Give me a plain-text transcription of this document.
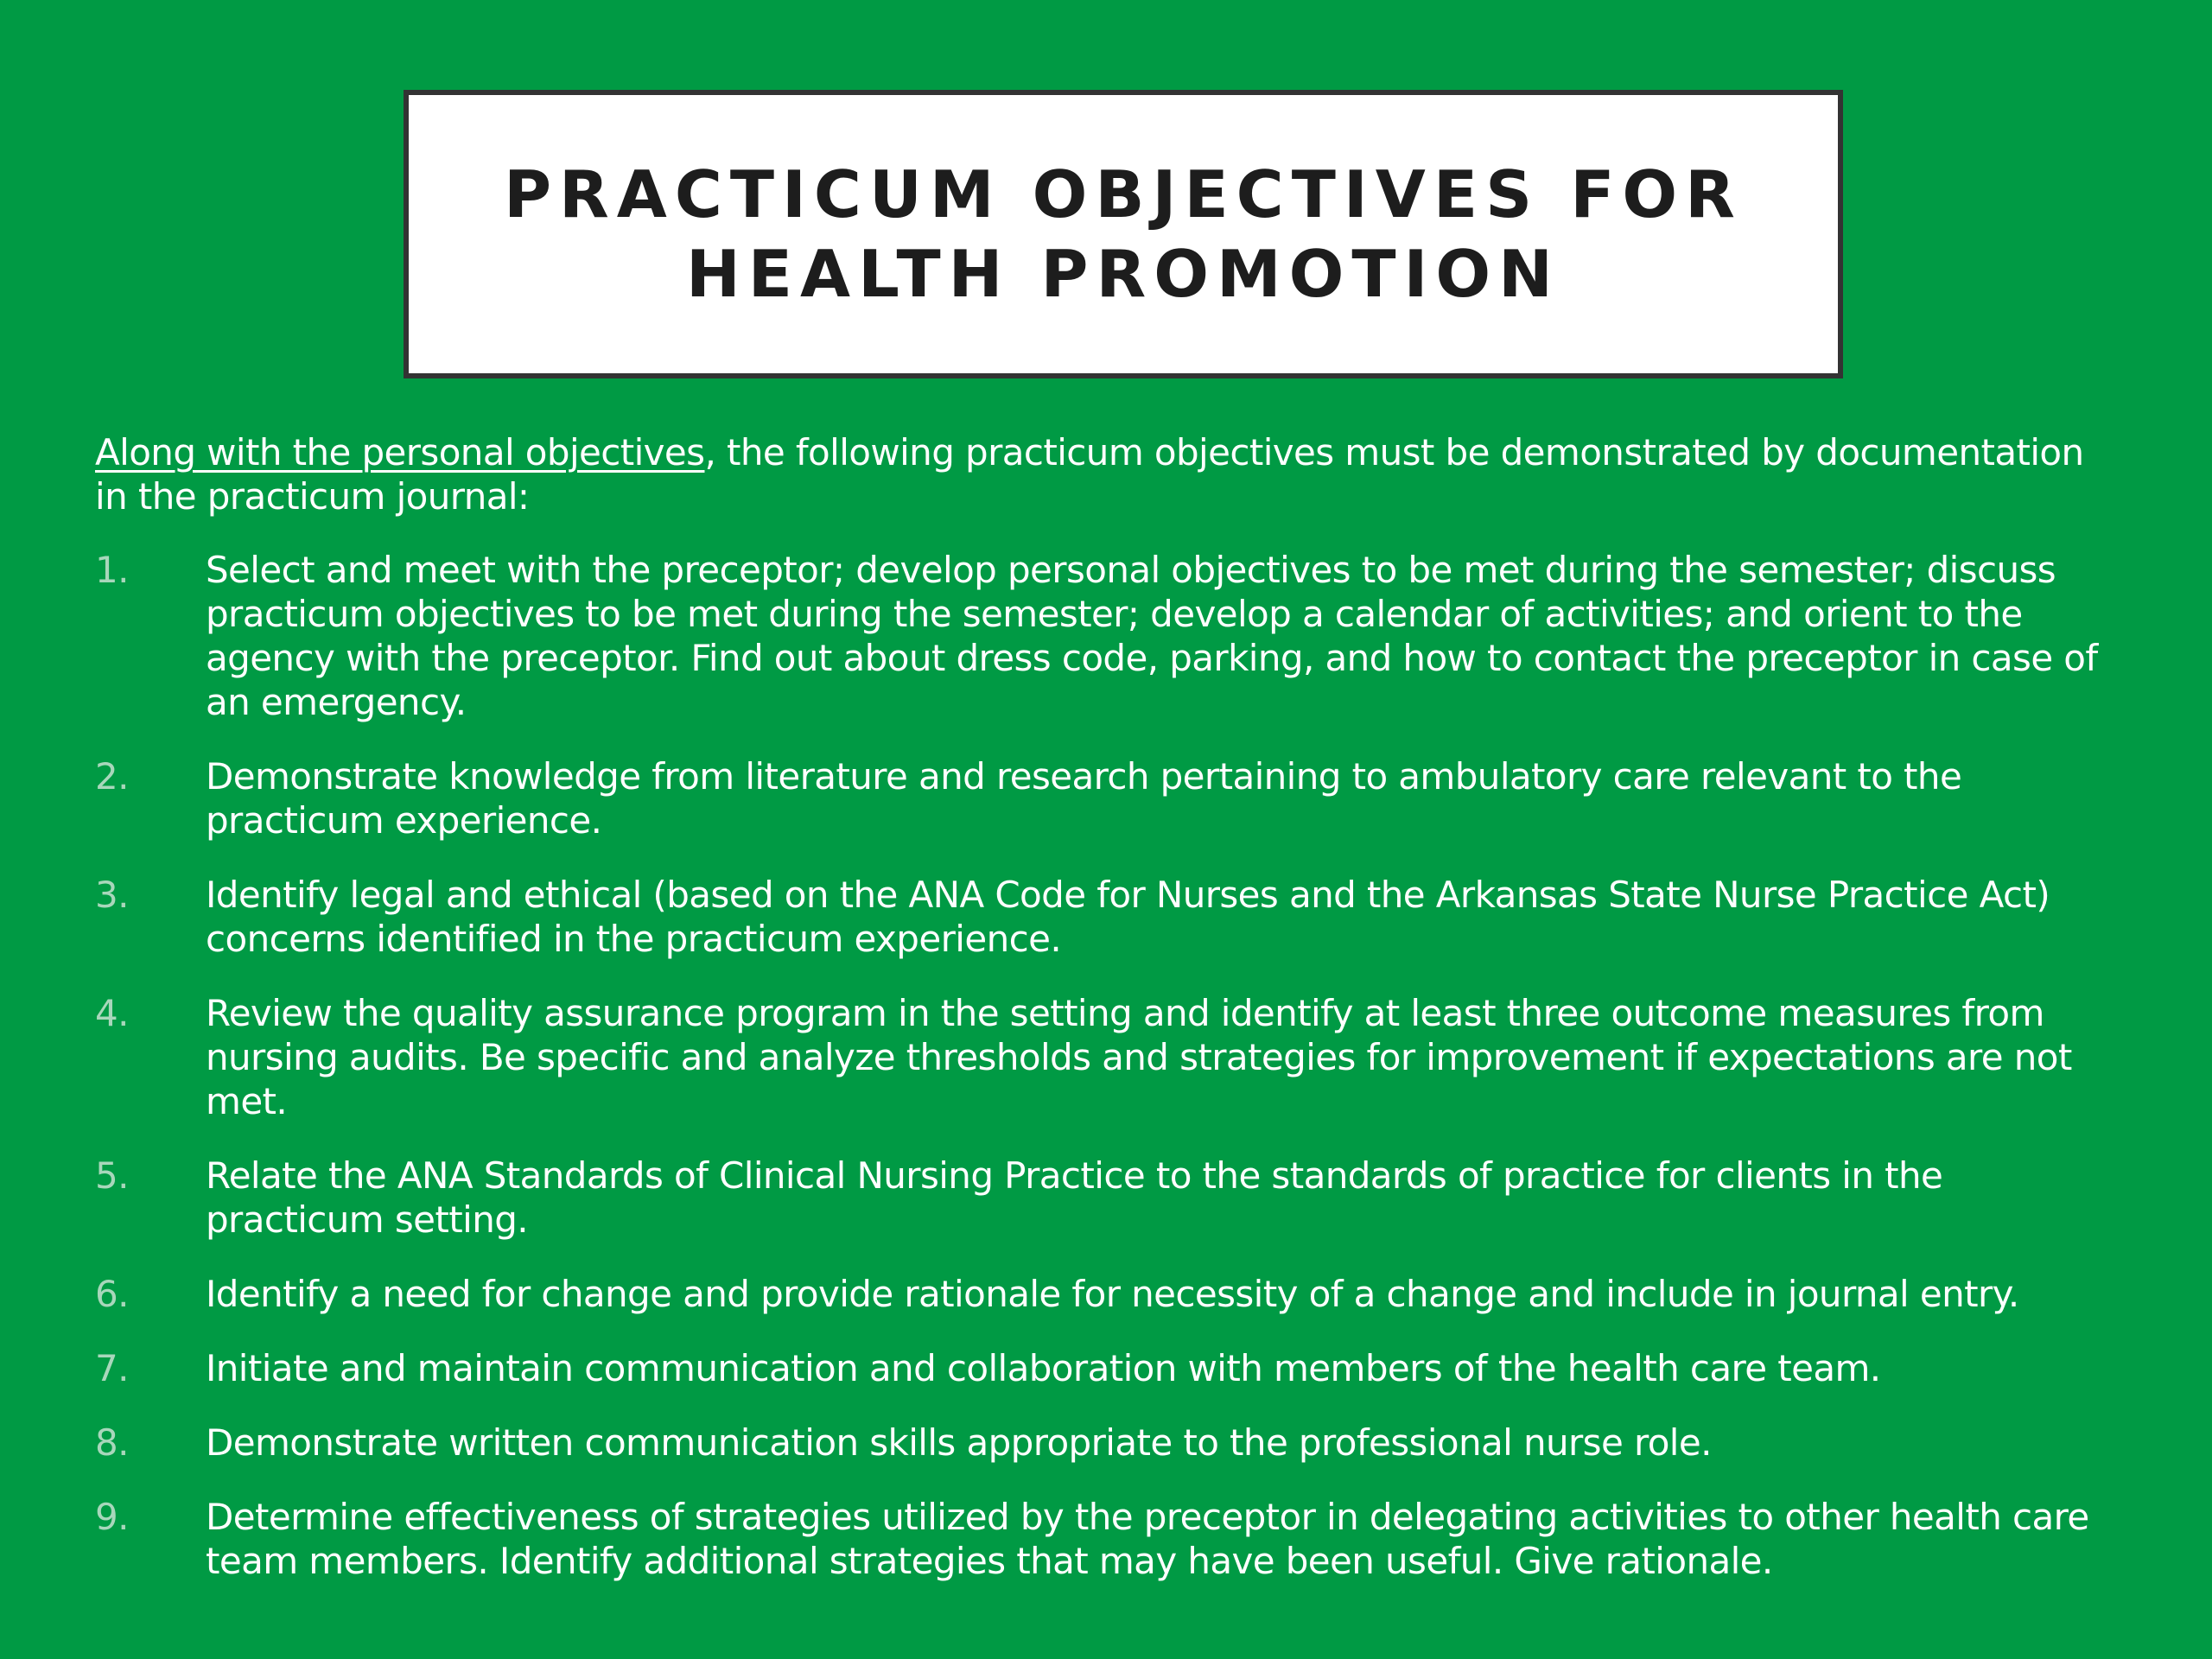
PRACTICUM OBJECTIVES FOR
HEALTH PROMOTION

Along with the personal objectives, the following practicum objectives must be demonstrated by documentation in the practicum journal:

1.	Select and meet with the preceptor; develop personal objectives to be met during the semester; discuss practicum objectives to be met during the semester; develop a calendar of activities; and orient to the agency with the preceptor. Find out about dress code, parking, and how to contact the preceptor in case of an emergency.
2.	Demonstrate knowledge from literature and research pertaining to ambulatory care relevant to the practicum experience.
3.	Identify legal and ethical (based on the ANA Code for Nurses and the Arkansas State Nurse Practice Act) concerns identified in the practicum experience.
4.	Review the quality assurance program in the setting and identify at least three outcome measures from nursing audits. Be specific and analyze thresholds and strategies for improvement if expectations are not met.
5.	Relate the ANA Standards of Clinical Nursing Practice to the standards of practice for clients in the practicum setting.
6.	Identify a need for change and provide rationale for necessity of a change and include in journal entry.
7.	Initiate and maintain communication and collaboration with members of the health care team.
8.	Demonstrate written communication skills appropriate to the professional nurse role.
9.	Determine effectiveness of strategies utilized by the preceptor in delegating activities to other health care team members. Identify additional strategies that may have been useful. Give rationale.
